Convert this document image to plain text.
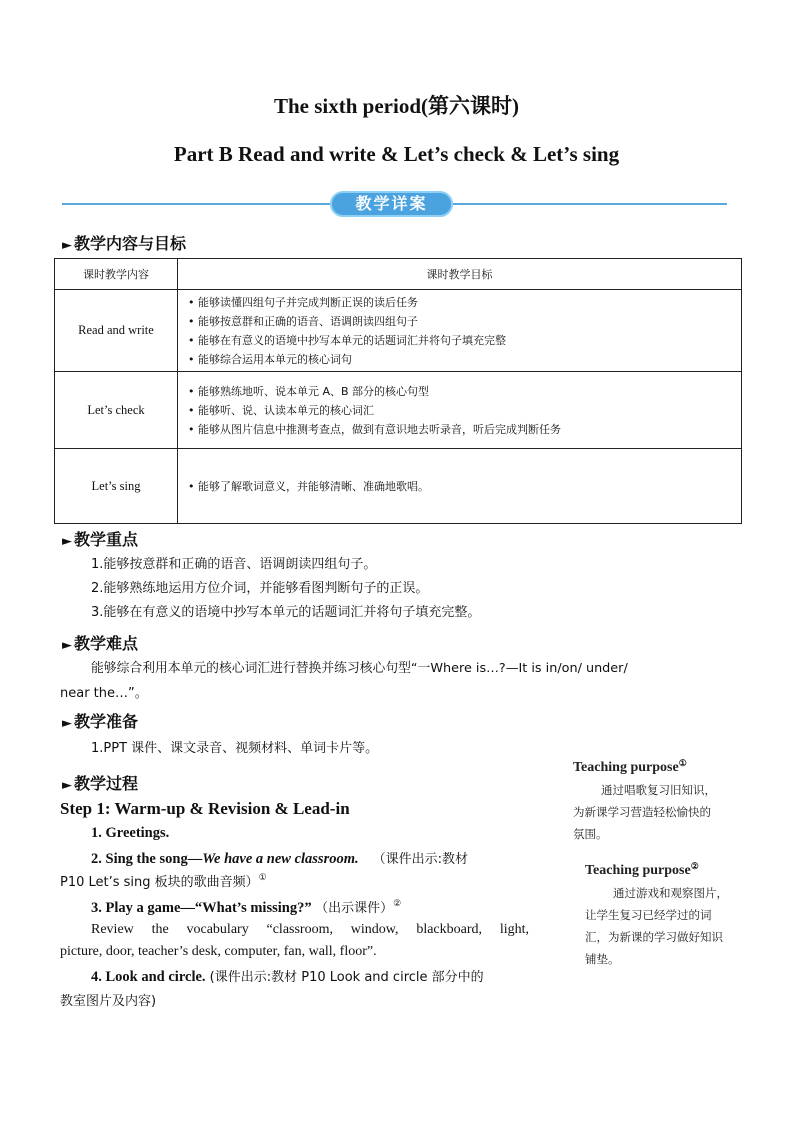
The sixth period(第六课时)
Part B Read and write & Let’s check & Let’s sing
教学详案
► 教学内容与目标
课时教学内容	课时教学目标
Read and write	• 能够读懂四组句子并完成判断正误的读后任务
• 能够按意群和正确的语音、语调朗读四组句子
• 能够在有意义的语境中抄写本单元的话题词汇并将句子填充完整
• 能够综合运用本单元的核心词句

Let’s check	• 能够熟练地听、说本单元 A、B 部分的核心句型
• 能够听、说、认读本单元的核心词汇
• 能够从图片信息中推测考查点，做到有意识地去听录音，听后完成判断任务

Let’s sing	• 能够了解歌词意义，并能够清晰、准确地歌唱。
► 教学重点
1.能够按意群和正确的语音、语调朗读四组句子。
2.能够熟练地运用方位介词，并能够看图判断句子的正误。
3.能够在有意义的语境中抄写本单元的话题词汇并将句子填充完整。
► 教学难点
能够综合利用本单元的核心词汇进行替换并练习核心句型“一Where is…?—It is in/on/ under/
near the…”。
► 教学准备
1.PPT 课件、课文录音、视频材料、单词卡片等。
► 教学过程
Step 1: Warm-up & Revision & Lead-in
1. Greetings.
2. Sing the song—We have a new classroom. （课件出示:教材
P10 Let’s sing 板块的歌曲音频）①
3. Play a game—“What’s missing?” （出示课件）②
Review the vocabulary “classroom, window, blackboard, light,
picture, door, teacher’s desk, computer, fan, wall, floor”.
4. Look and circle. (课件出示:教材 P10 Look and circle 部分中的
教室图片及内容)
Teaching purpose①
通过唱歌复习旧知识，
为新课学习营造轻松愉快的
氛围。
Teaching purpose②
通过游戏和观察图片，
让学生复习已经学过的词
汇，为新课的学习做好知识
铺垫。
